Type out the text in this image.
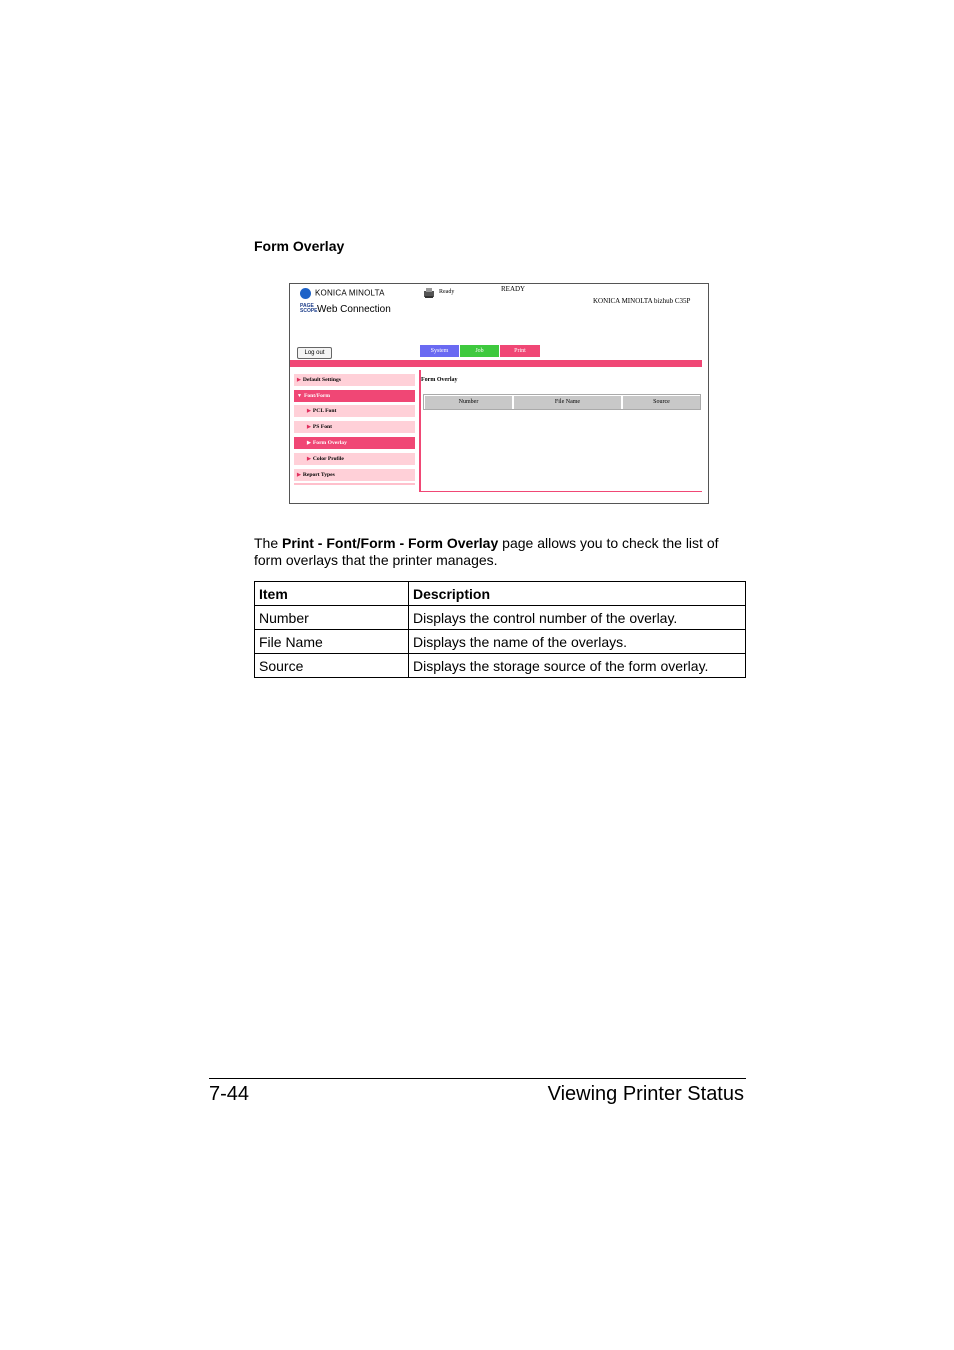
Form Overlay
KONICA MINOLTA
PAGE SCOPEWeb Connection
Ready	READY
KONICA MINOLTA bizhub C35P
Log out	System	Job	Print
▶ Default Settings
▼ Font/Form
▶ PCL Font
▶ PS Font
▶ Form Overlay
▶ Color Profile
▶ Report Types
Form Overlay
Number	File Name	Source
The Print - Font/Form - Form Overlay page allows you to check the list of form overlays that the printer manages.
Item	Description
Number	Displays the control number of the overlay.
File Name	Displays the name of the overlays.
Source	Displays the storage source of the form overlay.
7-44	Viewing Printer Status
